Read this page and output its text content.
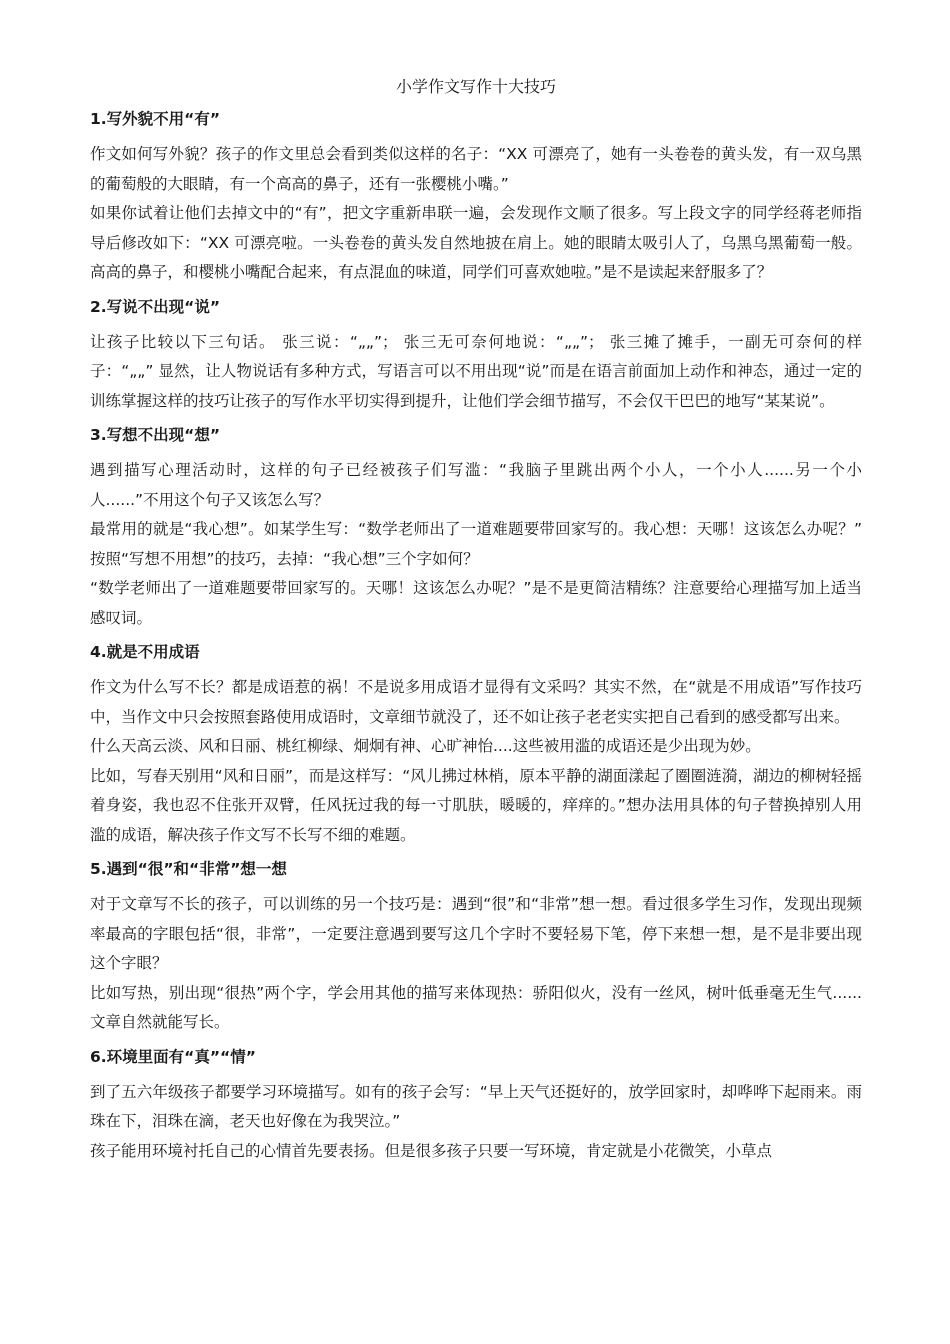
小学作文写作十大技巧
1.写外貌不用“有”

作文如何写外貌？孩子的作文里总会看到类似这样的名子：“XX 可漂亮了，她有一头卷卷的黄头发，有一双乌黑的葡萄般的大眼睛，有一个高高的鼻子，还有一张樱桃小嘴。”

如果你试着让他们去掉文中的“有”，把文字重新串联一遍，会发现作文顺了很多。写上段文字的同学经蒋老师指导后修改如下：“XX 可漂亮啦。一头卷卷的黄头发自然地披在肩上。她的眼睛太吸引人了，乌黑乌黑葡萄一般。高高的鼻子，和樱桃小嘴配合起来，有点混血的味道，同学们可喜欢她啦。”是不是读起来舒服多了？

2.写说不出现“说”

让孩子比较以下三句话。 张三说：“„„”； 张三无可奈何地说：“„„”； 张三摊了摊手，一副无可奈何的样子：“„„” 显然，让人物说话有多种方式，写语言可以不用出现“说”而是在语言前面加上动作和神态，通过一定的训练掌握这样的技巧让孩子的写作水平切实得到提升，让他们学会细节描写，不会仅干巴巴的地写“某某说”。

3.写想不出现“想”

遇到描写心理活动时，这样的句子已经被孩子们写滥：“我脑子里跳出两个小人，一个小人......另一个小人......”不用这个句子又该怎么写？

最常用的就是“我心想”。如某学生写：“数学老师出了一道难题要带回家写的。我心想：天哪！这该怎么办呢？” 按照“写想不用想”的技巧，去掉：“我心想”三个字如何？

“数学老师出了一道难题要带回家写的。天哪！这该怎么办呢？”是不是更简洁精练？注意要给心理描写加上适当感叹词。

4.就是不用成语

作文为什么写不长？都是成语惹的祸！不是说多用成语才显得有文采吗？其实不然，在“就是不用成语”写作技巧中，当作文中只会按照套路使用成语时，文章细节就没了，还不如让孩子老老实实把自己看到的感受都写出来。

什么天高云淡、风和日丽、桃红柳绿、炯炯有神、心旷神怡....这些被用滥的成语还是少出现为妙。

比如，写春天别用“风和日丽”，而是这样写：“风儿拂过林梢，原本平静的湖面漾起了圈圈涟漪，湖边的柳树轻摇着身姿，我也忍不住张开双臂，任风抚过我的每一寸肌肤，暖暖的，痒痒的。”想办法用具体的句子替换掉别人用滥的成语，解决孩子作文写不长写不细的难题。

5.遇到“很”和“非常”想一想

对于文章写不长的孩子，可以训练的另一个技巧是：遇到“很”和“非常”想一想。看过很多学生习作，发现出现频率最高的字眼包括“很，非常”，一定要注意遇到要写这几个字时不要轻易下笔，停下来想一想，是不是非要出现这个字眼？

比如写热，别出现“很热”两个字，学会用其他的描写来体现热：骄阳似火，没有一丝风，树叶低垂毫无生气......文章自然就能写长。

6.环境里面有“真”“情”

到了五六年级孩子都要学习环境描写。如有的孩子会写：“早上天气还挺好的，放学回家时，却哗哗下起雨来。雨珠在下，泪珠在滴，老天也好像在为我哭泣。”

孩子能用环境衬托自己的心情首先要表扬。但是很多孩子只要一写环境，肯定就是小花微笑，小草点
